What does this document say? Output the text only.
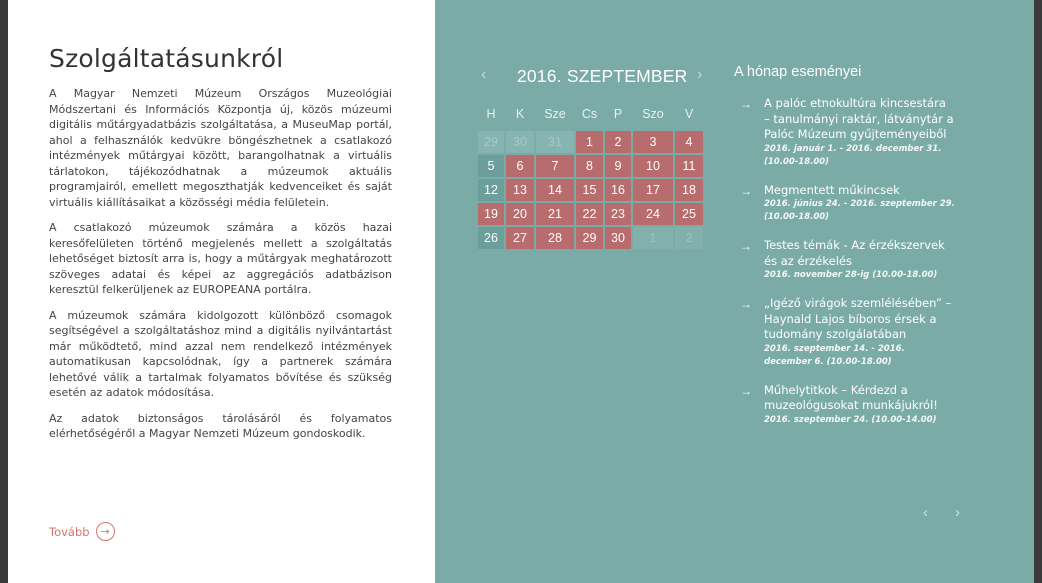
Szolgáltatásunkról

A Magyar Nemzeti Múzeum Országos Muzeológiai Módszertani és Információs Központja új, közös múzeumi digitális műtárgyadatbázis szolgáltatása, a MuseuMap portál, ahol a felhasználók kedvükre böngészhetnek a csatlakozó intézmények műtárgyai között, barangolhatnak a virtuális tárlatokon, tájékozódhatnak a múzeumok aktuális programjairól, emellett megoszthatják kedvenceiket és saját virtuális kiállításaikat a közösségi média felületein.

A csatlakozó múzeumok számára a közös hazai keresőfelületen történő megjelenés mellett a szolgáltatás lehetőséget biztosít arra is, hogy a műtárgyak meghatározott szöveges adatai és képei az aggregációs adatbázison keresztül felkerüljenek az EUROPEANA portálra.

A múzeumok számára kidolgozott különböző csomagok segítségével a szolgáltatáshoz mind a digitális nyilvántartást már működtető, mind azzal nem rendelkező intézmények automatikusan kapcsolódnak, így a partnerek számára lehetővé válik a tartalmak folyamatos bővítése és szükség esetén az adatok módosítása.

Az adatok biztonságos tárolásáról és folyamatos elérhetőségéről a Magyar Nemzeti Múzeum gondoskodik.

Tovább →
‹ 2016. SZEPTEMBER ›
H	K	Sze	Cs	P	Szo	V
29	30	31	1	2	3	4
5	6	7	8	9	10	11
12	13	14	15	16	17	18
19	20	21	22	23	24	25
26	27	28	29	30	1	2
A hónap eseményei
→ A palóc etnokultúra kincsestára – tanulmányi raktár, látványtár a Palóc Múzeum gyűjteményeiből
2016. január 1. - 2016. december 31. (10.00-18.00)
→ Megmentett műkincsek
2016. június 24. - 2016. szeptember 29. (10.00-18.00)
→ Testes témák - Az érzékszervek és az érzékelés
2016. november 28-ig (10.00-18.00)
→ „Igéző virágok szemlélésében” – Haynald Lajos bíboros érsek a tudomány szolgálatában
2016. szeptember 14. - 2016. december 6. (10.00-18.00)
→ Műhelytitkok – Kérdezd a muzeológusokat munkájukról!
2016. szeptember 24. (10.00-14.00)
‹ ›
